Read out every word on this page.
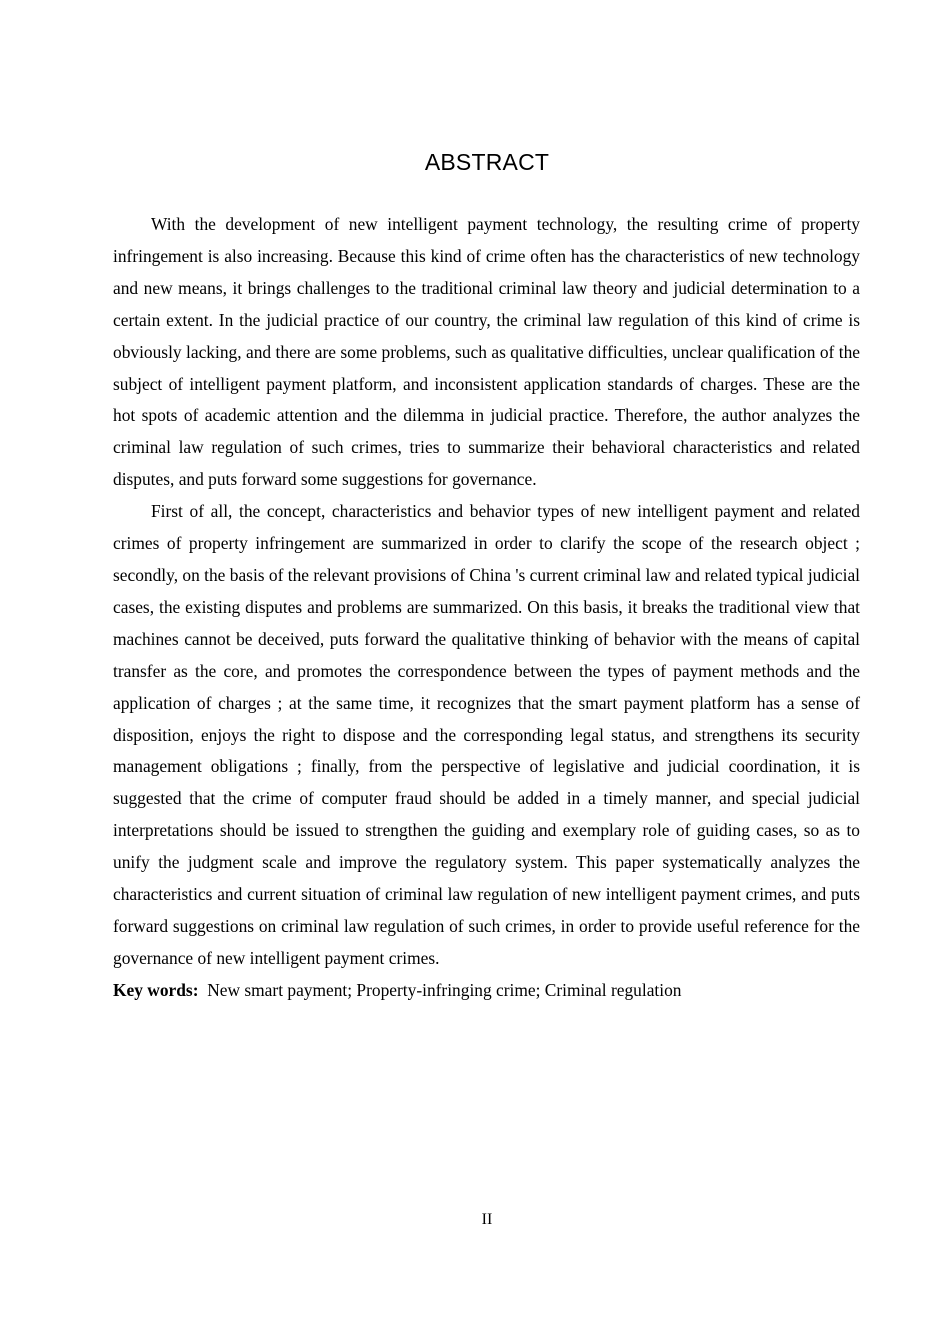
ABSTRACT

With the development of new intelligent payment technology, the resulting crime of property infringement is also increasing. Because this kind of crime often has the characteristics of new technology and new means, it brings challenges to the traditional criminal law theory and judicial determination to a certain extent. In the judicial practice of our country, the criminal law regulation of this kind of crime is obviously lacking, and there are some problems, such as qualitative difficulties, unclear qualification of the subject of intelligent payment platform, and inconsistent application standards of charges. These are the hot spots of academic attention and the dilemma in judicial practice. Therefore, the author analyzes the criminal law regulation of such crimes, tries to summarize their behavioral characteristics and related disputes, and puts forward some suggestions for governance.

First of all, the concept, characteristics and behavior types of new intelligent payment and related crimes of property infringement are summarized in order to clarify the scope of the research object ; secondly, on the basis of the relevant provisions of China 's current criminal law and related typical judicial cases, the existing disputes and problems are summarized. On this basis, it breaks the traditional view that machines cannot be deceived, puts forward the qualitative thinking of behavior with the means of capital transfer as the core, and promotes the correspondence between the types of payment methods and the application of charges ; at the same time, it recognizes that the smart payment platform has a sense of disposition, enjoys the right to dispose and the corresponding legal status, and strengthens its security management obligations ; finally, from the perspective of legislative and judicial coordination, it is suggested that the crime of computer fraud should be added in a timely manner, and special judicial interpretations should be issued to strengthen the guiding and exemplary role of guiding cases, so as to unify the judgment scale and improve the regulatory system. This paper systematically analyzes the characteristics and current situation of criminal law regulation of new intelligent payment crimes, and puts forward suggestions on criminal law regulation of such crimes, in order to provide useful reference for the governance of new intelligent payment crimes.

Key words: New smart payment; Property-infringing crime; Criminal regulation

II
